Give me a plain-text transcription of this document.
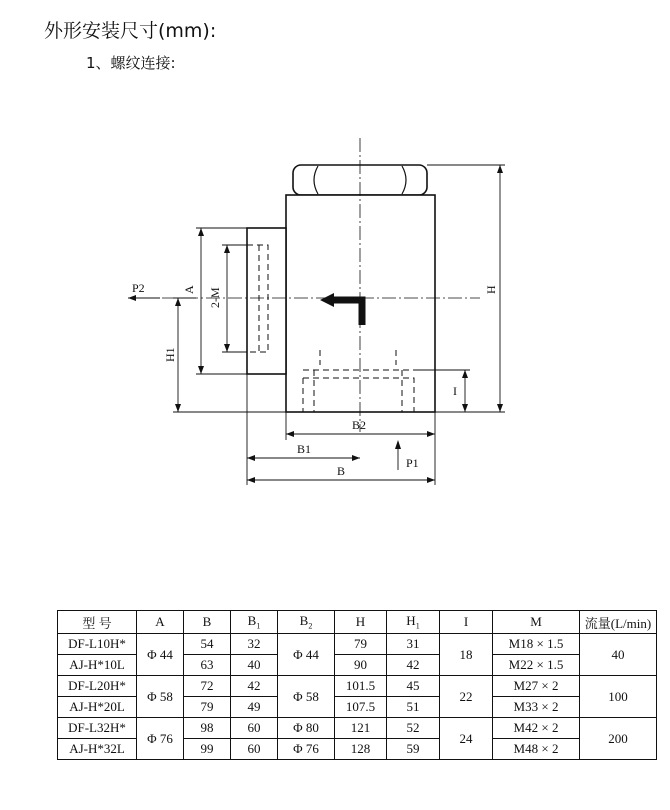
外形安装尺寸(mm):
1、螺纹连接:
P2	A 2-M	H
H1
I
B2
B1
B
P1
型 号	A	B	$B_1$	$B_2$	H	$H_1$	I	M	流量(L/min)
DF-L10H*	Φ 44	54	32	Φ 44	79	31	18	M18 × 1.5	40
AJ-H*10L		63	40		90	42		M22 × 1.5	
DF-L20H*	Φ 58	72	42	Φ 58	101.5	45	22	M27 × 2	100
AJ-H*20L		79	49		107.5	51		M33 × 2	
DF-L32H*	Φ 76	98	60	Φ 80	121	52	24	M42 × 2	200
AJ-H*32L		99	60	Φ 76	128	59		M48 × 2	
